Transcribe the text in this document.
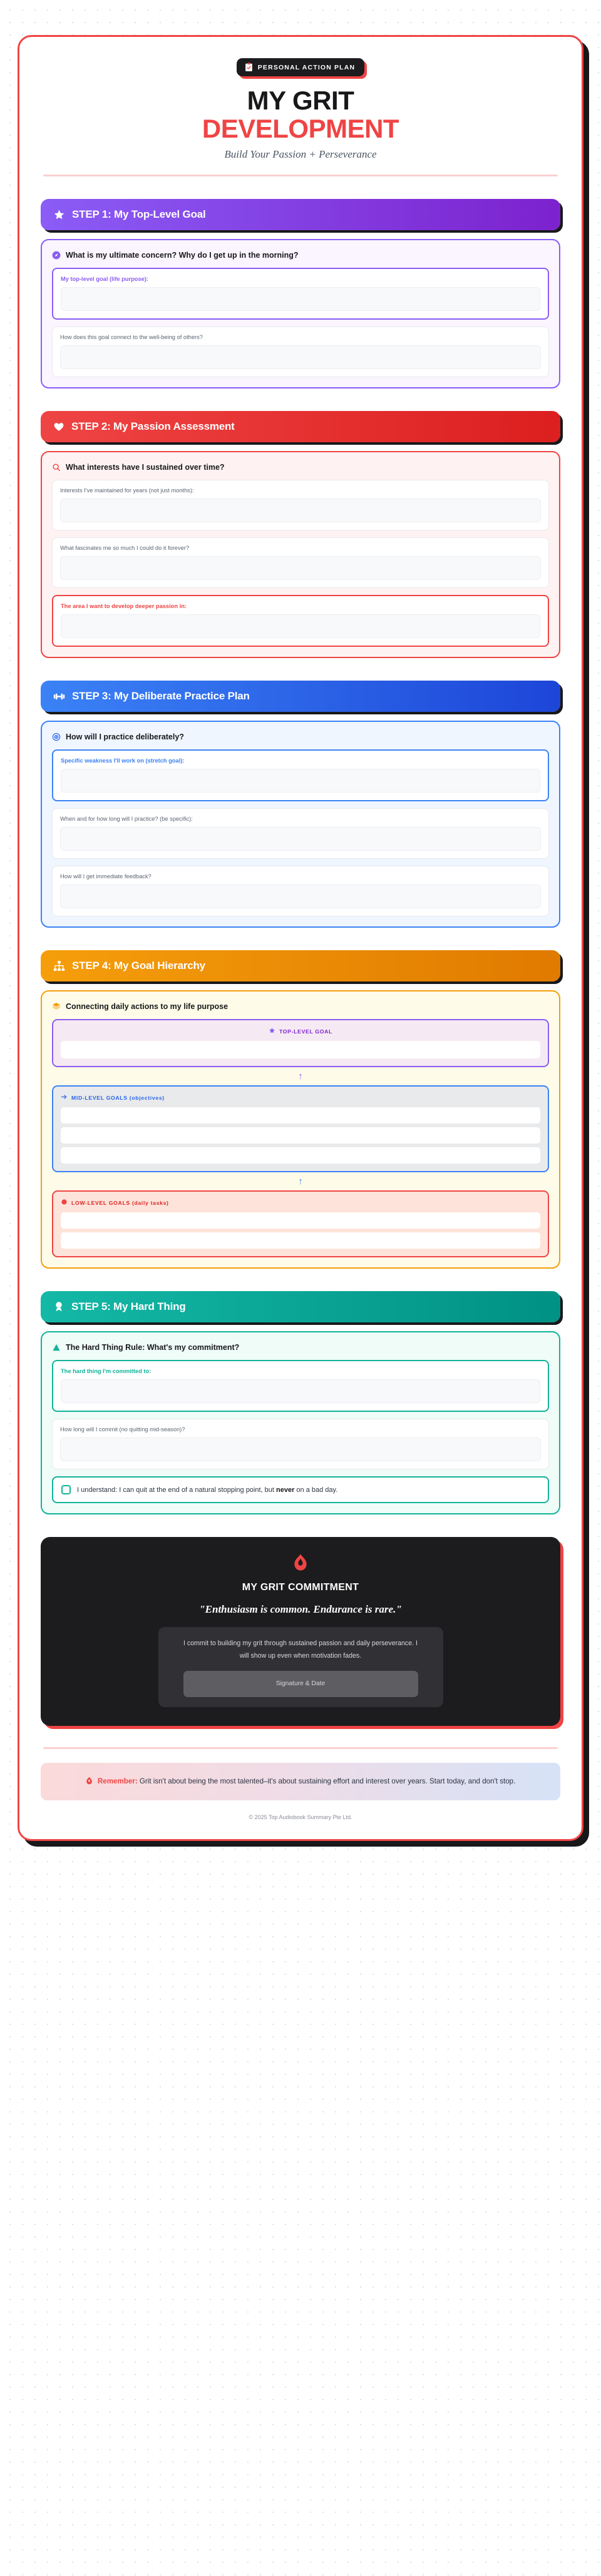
PERSONAL ACTION PLAN
MY GRIT
DEVELOPMENT
Build Your Passion + Perseverance
STEP 1: My Top-Level Goal
What is my ultimate concern? Why do I get up in the morning?
My top-level goal (life purpose):
How does this goal connect to the well-being of others?
STEP 2: My Passion Assessment
What interests have I sustained over time?
Interests I've maintained for years (not just months):
What fascinates me so much I could do it forever?
The area I want to develop deeper passion in:
STEP 3: My Deliberate Practice Plan
How will I practice deliberately?
Specific weakness I'll work on (stretch goal):
When and for how long will I practice? (be specific):
How will I get immediate feedback?
STEP 4: My Goal Hierarchy
Connecting daily actions to my life purpose
TOP-LEVEL GOAL
↑
MID-LEVEL GOALS (objectives)
↑
LOW-LEVEL GOALS (daily tasks)
STEP 5: My Hard Thing
The Hard Thing Rule: What's my commitment?
The hard thing I'm committed to:
How long will I commit (no quitting mid-season)?
I understand: I can quit at the end of a natural stopping point, but never on a bad day.
MY GRIT COMMITMENT
"Enthusiasm is common. Endurance is rare."
I commit to building my grit through sustained passion and daily perseverance. I will show up even when motivation fades.
Signature & Date
Remember: Grit isn't about being the most talented–it's about sustaining effort and interest over years. Start today, and don't stop.
© 2025 Top Audiobook Summary Pte Ltd.
